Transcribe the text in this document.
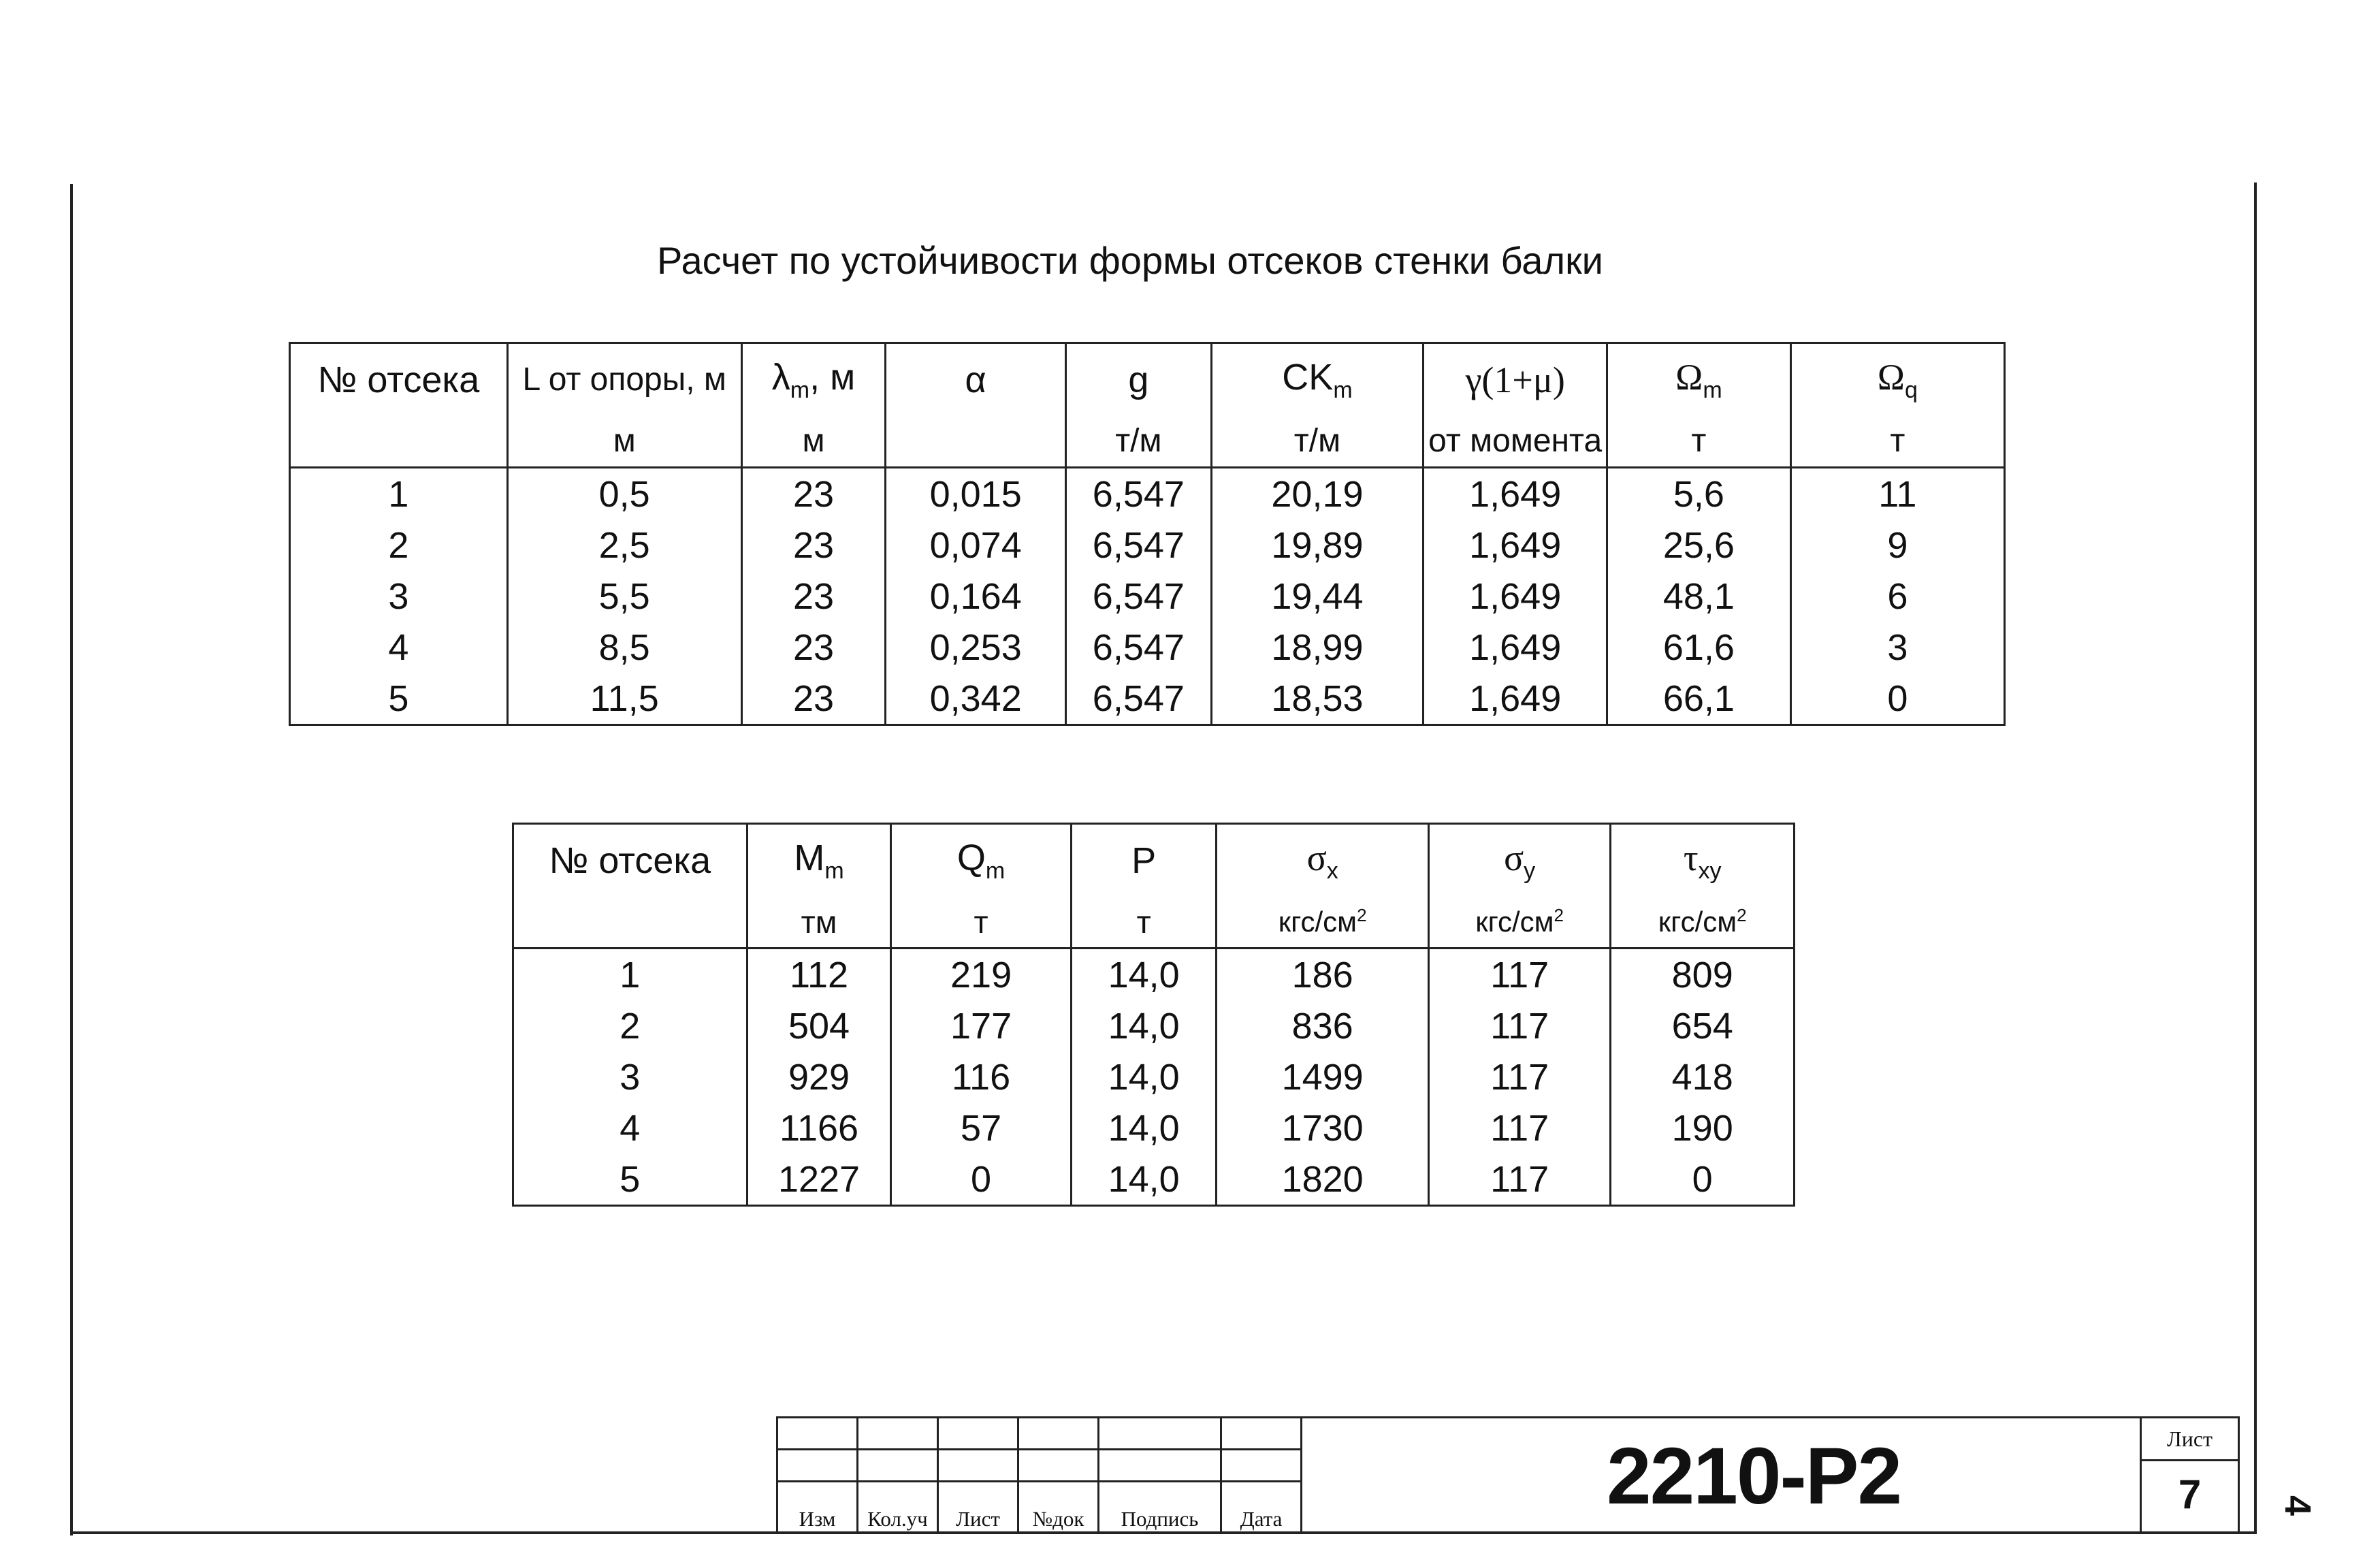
Расчет по устойчивости формы отсеков стенки балки
№ отсека	L от опоры, м	$\lambda_m$, м	α	g	$CK_m$	γ(1+μ)	$\Omega_m$	$\Omega_q$
	м	м		т/м	т/м	от момента	т	т
1	0,5	23	0,015	6,547	20,19	1,649	5,6	11
2	2,5	23	0,074	6,547	19,89	1,649	25,6	9
3	5,5	23	0,164	6,547	19,44	1,649	48,1	6
4	8,5	23	0,253	6,547	18,99	1,649	61,6	3
5	11,5	23	0,342	6,547	18,53	1,649	66,1	0
№ отсека	$M_m$	$Q_m$	P	$\sigma_x$	$\sigma_y$	$\tau_{xy}$
	тм	т	т	кгс/$см^2$	кгс/$см^2$	кгс/$см^2$
1	112	219	14,0	186	117	809
2	504	177	14,0	836	117	654
3	929	116	14,0	1499	117	418
4	1166	57	14,0	1730	117	190
5	1227	0	14,0	1820	117	0
Изм	Кол.уч	Лист	№док	Подпись	Дата
Лист
7
2210-Р2	4
